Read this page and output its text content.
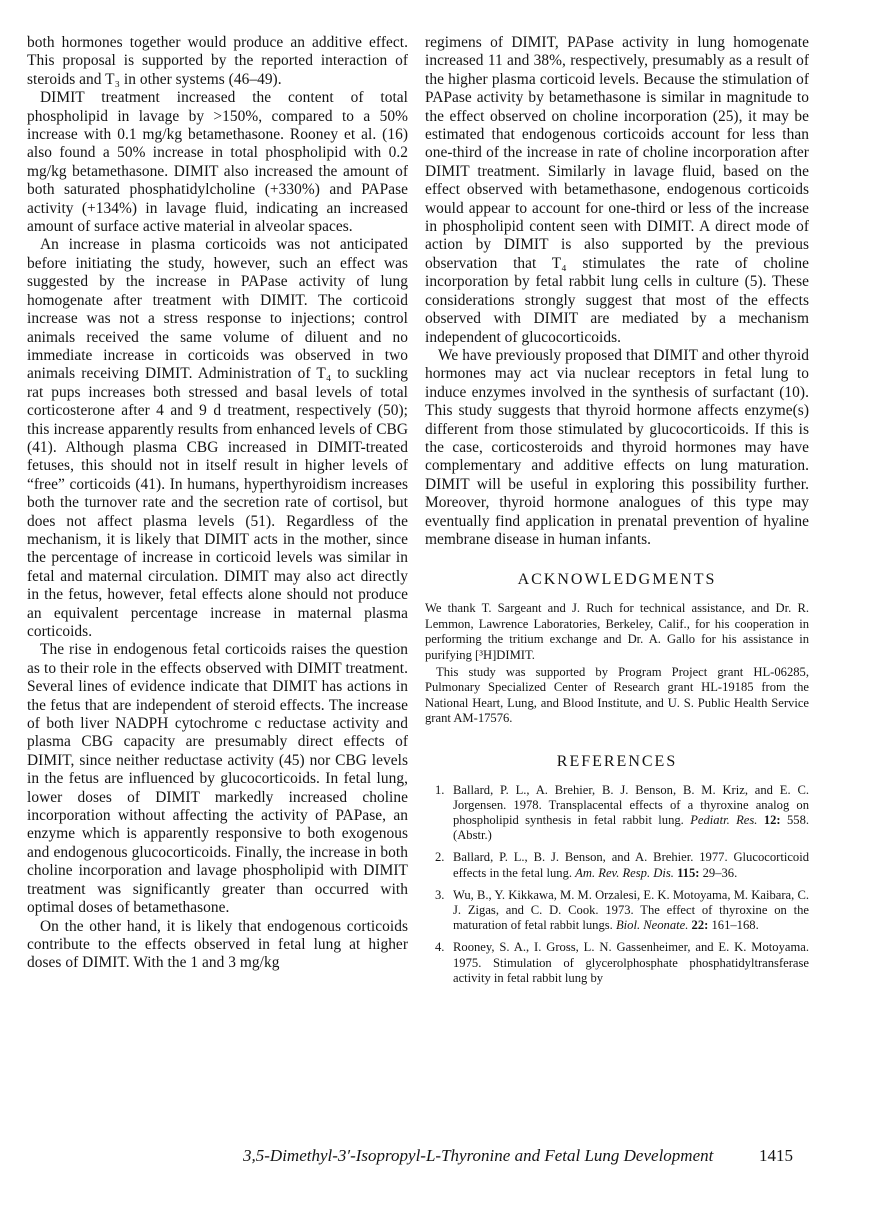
both hormones together would produce an additive effect. This proposal is supported by the reported interaction of steroids and T₃ in other systems (46–49).

DIMIT treatment increased the content of total phospholipid in lavage by >150%, compared to a 50% increase with 0.1 mg/kg betamethasone. Rooney et al. (16) also found a 50% increase in total phospholipid with 0.2 mg/kg betamethasone. DIMIT also increased the amount of both saturated phosphatidylcholine (+330%) and PAPase activity (+134%) in lavage fluid, indicating an increased amount of surface active material in alveolar spaces.

An increase in plasma corticoids was not anticipated before initiating the study, however, such an effect was suggested by the increase in PAPase activity of lung homogenate after treatment with DIMIT. The corticoid increase was not a stress response to injections; control animals received the same volume of diluent and no immediate increase in corticoids was observed in two animals receiving DIMIT. Administration of T₄ to suckling rat pups increases both stressed and basal levels of total corticosterone after 4 and 9 d treatment, respectively (50); this increase apparently results from enhanced levels of CBG (41). Although plasma CBG increased in DIMIT-treated fetuses, this should not in itself result in higher levels of “free” corticoids (41). In humans, hyperthyroidism increases both the turnover rate and the secretion rate of cortisol, but does not affect plasma levels (51). Regardless of the mechanism, it is likely that DIMIT acts in the mother, since the percentage of increase in corticoid levels was similar in fetal and maternal circulation. DIMIT may also act directly in the fetus, however, fetal effects alone should not produce an equivalent percentage increase in maternal plasma corticoids.

The rise in endogenous fetal corticoids raises the question as to their role in the effects observed with DIMIT treatment. Several lines of evidence indicate that DIMIT has actions in the fetus that are independent of steroid effects. The increase of both liver NADPH cytochrome c reductase activity and plasma CBG capacity are presumably direct effects of DIMIT, since neither reductase activity (45) nor CBG levels in the fetus are influenced by glucocorticoids. In fetal lung, lower doses of DIMIT markedly increased choline incorporation without affecting the activity of PAPase, an enzyme which is apparently responsive to both exogenous and endogenous glucocorticoids. Finally, the increase in both choline incorporation and lavage phospholipid with DIMIT treatment was significantly greater than occurred with optimal doses of betamethasone.

On the other hand, it is likely that endogenous corticoids contribute to the effects observed in fetal lung at higher doses of DIMIT. With the 1 and 3 mg/kg

regimens of DIMIT, PAPase activity in lung homogenate increased 11 and 38%, respectively, presumably as a result of the higher plasma corticoid levels. Because the stimulation of PAPase activity by betamethasone is similar in magnitude to the effect observed on choline incorporation (25), it may be estimated that endogenous corticoids account for less than one-third of the increase in rate of choline incorporation after DIMIT treatment. Similarly in lavage fluid, based on the effect observed with betamethasone, endogenous corticoids would appear to account for one-third or less of the increase in phospholipid content seen with DIMIT. A direct mode of action by DIMIT is also supported by the previous observation that T₄ stimulates the rate of choline incorporation by fetal rabbit lung cells in culture (5). These considerations strongly suggest that most of the effects observed with DIMIT are mediated by a mechanism independent of glucocorticoids.

We have previously proposed that DIMIT and other thyroid hormones may act via nuclear receptors in fetal lung to induce enzymes involved in the synthesis of surfactant (10). This study suggests that thyroid hormone affects enzyme(s) different from those stimulated by glucocorticoids. If this is the case, corticosteroids and thyroid hormones may have complementary and additive effects on lung maturation. DIMIT will be useful in exploring this possibility further. Moreover, thyroid hormone analogues of this type may eventually find application in prenatal prevention of hyaline membrane disease in human infants.

ACKNOWLEDGMENTS

We thank T. Sargeant and J. Ruch for technical assistance, and Dr. R. Lemmon, Lawrence Laboratories, Berkeley, Calif., for his cooperation in performing the tritium exchange and Dr. A. Gallo for his assistance in purifying [³H]DIMIT.

This study was supported by Program Project grant HL-06285, Pulmonary Specialized Center of Research grant HL-19185 from the National Heart, Lung, and Blood Institute, and U. S. Public Health Service grant AM-17576.

REFERENCES
1. Ballard, P. L., A. Brehier, B. J. Benson, B. M. Kriz, and E. C. Jorgensen. 1978. Transplacental effects of a thyroxine analog on phospholipid synthesis in fetal rabbit lung. Pediatr. Res. 12: 558. (Abstr.)
2. Ballard, P. L., B. J. Benson, and A. Brehier. 1977. Glucocorticoid effects in the fetal lung. Am. Rev. Resp. Dis. 115: 29–36.
3. Wu, B., Y. Kikkawa, M. M. Orzalesi, E. K. Motoyama, M. Kaibara, C. J. Zigas, and C. D. Cook. 1973. The effect of thyroxine on the maturation of fetal rabbit lungs. Biol. Neonate. 22: 161–168.
4. Rooney, S. A., I. Gross, L. N. Gassenheimer, and E. K. Motoyama. 1975. Stimulation of glycerolphosphate phosphatidyltransferase activity in fetal rabbit lung by
3,5-Dimethyl-3′-Isopropyl-L-Thyronine and Fetal Lung Development	1415
